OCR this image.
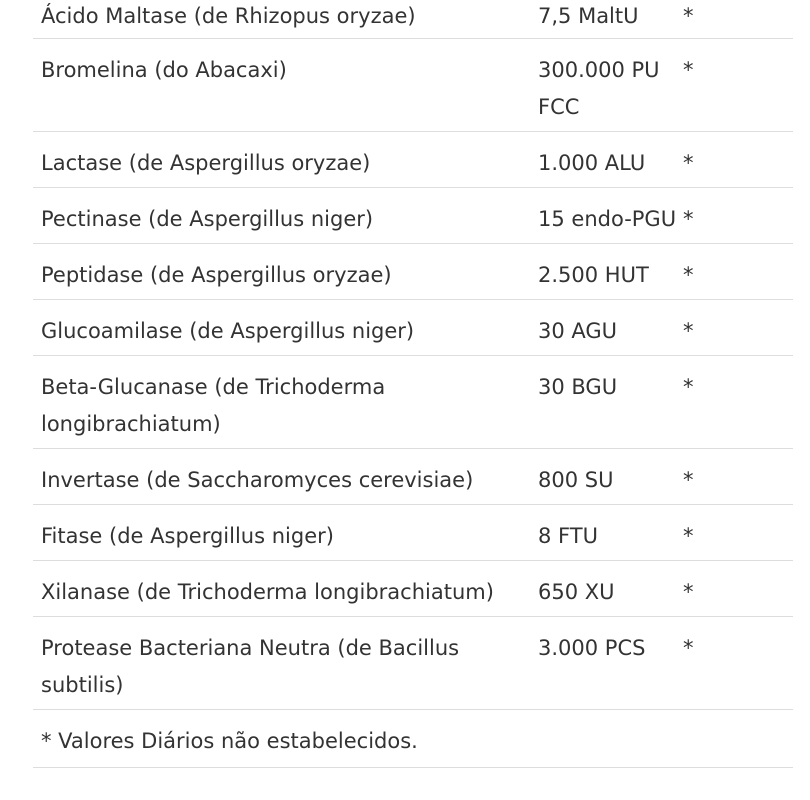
Ácido Maltase (de Rhizopus oryzae)	7,5 MaltU	*
Bromelina (do Abacaxi)	300.000 PU FCC	*
Lactase (de Aspergillus oryzae)	1.000 ALU	*
Pectinase (de Aspergillus niger)	15 endo-PGU	*
Peptidase (de Aspergillus oryzae)	2.500 HUT	*
Glucoamilase (de Aspergillus niger)	30 AGU	*
Beta-Glucanase (de Trichoderma longibrachiatum)	30 BGU	*
Invertase (de Saccharomyces cerevisiae)	800 SU	*
Fitase (de Aspergillus niger)	8 FTU	*
Xilanase (de Trichoderma longibrachiatum)	650 XU	*
Protease Bacteriana Neutra (de Bacillus subtilis)	3.000 PCS	*
* Valores Diários não estabelecidos.		
